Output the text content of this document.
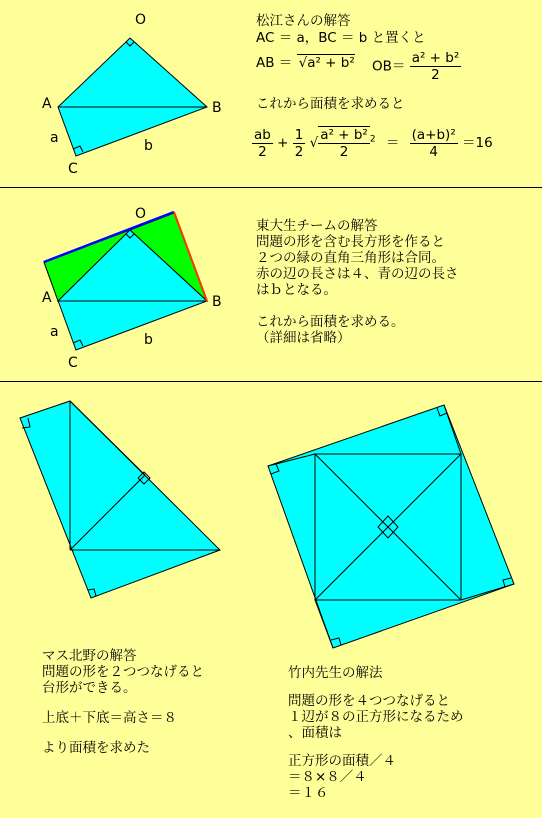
O
A	B
C
a	b
松江さんの解答
AC ＝ a，BC ＝ b と置くと
AB ＝ √a² + b² $OB= \frac{\text{a² + b²}}{2}$
これから面積を求めると
$\frac{ab}{2} + \frac{1}{2}$ √ $\frac{\text{a² + b²}}{2} ^2 = \frac{\text{(a+b)²}}{4} =16$
O
A	B
C
a	b
東大生チームの解答
問題の形を含む長方形を作ると
２つの緑の直角三角形は合同。
赤の辺の長さは４、青の辺の長さ
はｂとなる。
これから面積を求める。
（詳細は省略）
マス北野の解答
問題の形を２つつなげると
台形ができる。
上底＋下底＝高さ＝８
より面積を求めた
竹内先生の解法
問題の形を４つつなげると
１辺が８の正方形になるため
、面積は
正方形の面積／４
＝８×８／４
＝１６
